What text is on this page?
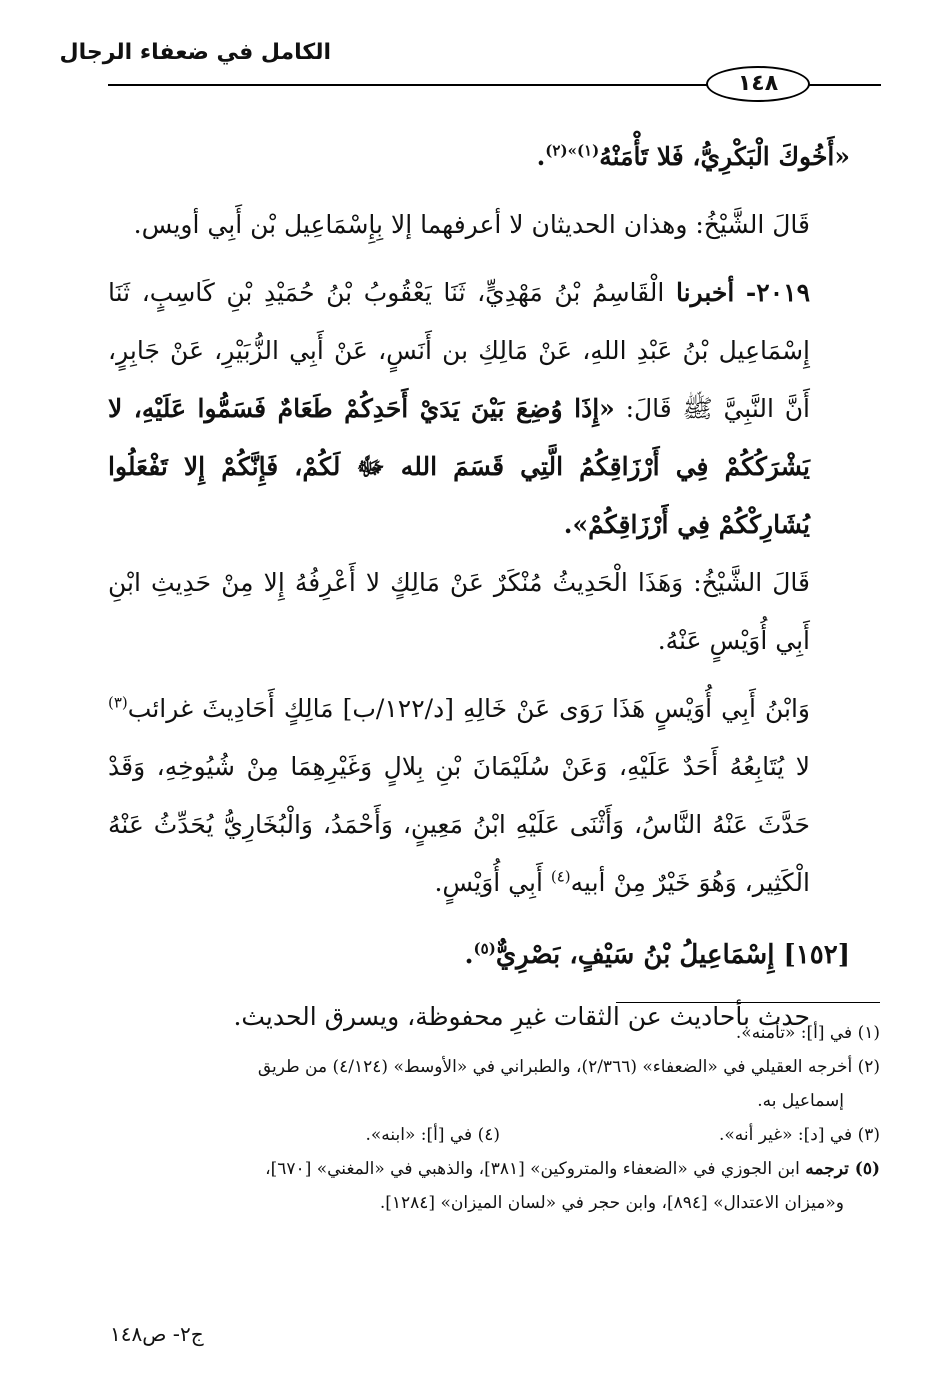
الكامل في ضعفاء الرجال
١٤٨

«أَخُوكَ الْبَكْرِيُّ، فَلا تَأْمَنْهُ$^{(١)»(٢)}$.

قَالَ الشَّيْخُ: وهذان الحديثان لا أعرفهما إلا بِإِسْمَاعِيل بْن أَبِي أويس.

٢٠١٩- أخبرنا الْقَاسِمُ بْنُ مَهْدِيٍّ، ثَنَا يَعْقُوبُ بْنُ حُمَيْدِ بْنِ كَاسِبٍ، ثَنَا إِسْمَاعِيل بْنُ عَبْدِ اللهِ، عَنْ مَالِكِ بن أَنَسٍ، عَنْ أَبِي الزُّبَيْرِ، عَنْ جَابِرٍ، أَنَّ النَّبِيَّ ﷺ قَالَ: «إِذَا وُضِعَ بَيْنَ يَدَيْ أَحَدِكُمْ طَعَامٌ فَسَمُّوا عَلَيْهِ، لا يَشْرَكُكُمْ فِي أَرْزَاقِكُمُ الَّتِي قَسَمَ الله ﷻ لَكُمْ، فَإِنَّكُمْ إِلا تَفْعَلُوا يُشَارِكْكُمْ فِي أَرْزَاقِكُمْ».

قَالَ الشَّيْخُ: وَهَذَا الْحَدِيثُ مُنْكَرٌ عَنْ مَالِكٍ لا أَعْرِفُهُ إِلا مِنْ حَدِيثِ ابْنِ أَبِي أُوَيْسٍ عَنْهُ.

وَابْنُ أَبِي أُوَيْسٍ هَذَا رَوَى عَنْ خَالِهِ [د/١٢٢/ب] مَالِكٍ أَحَادِيثَ غرائب$^{(٣)}$ لا يُتَابِعُهُ أَحَدٌ عَلَيْهِ، وَعَنْ سُلَيْمَانَ بْنِ بِلالٍ وَغَيْرِهِمَا مِنْ شُيُوخِهِ، وَقَدْ حَدَّثَ عَنْهُ النَّاسُ، وَأَثْنَى عَلَيْهِ ابْنُ مَعِينٍ، وَأَحْمَدُ، وَالْبُخَارِيُّ يُحَدِّثُ عَنْهُ الْكَثِير، وَهُوَ خَيْرٌ مِنْ أبيه$^{(٤)}$ أَبِي أُوَيْسٍ.

[١٥٢] إِسْمَاعِيلُ بْنُ سَيْفٍ، بَصْرِيٌّ$^{(٥)}$.

حدث بأحاديث عن الثقات غيرِ محفوظة، ويسرق الحديث.

(١) في [أ]: «تأمنه».

(٢) أخرجه العقيلي في «الضعفاء» (٢/٣٦٦)، والطبراني في «الأوسط» (٤/١٢٤) من طريق

إسماعيل به.

(٣) في [د]: «غير أنه».

(٤) في [أ]: «ابنه».

(٥) ترجمه ابن الجوزي في «الضعفاء والمتروكين» [٣٨١]، والذهبي في «المغني» [٦٧٠]،

و«ميزان الاعتدال» [٨٩٤]، وابن حجر في «لسان الميزان» [١٢٨٤].

ج٢- ص١٤٨
